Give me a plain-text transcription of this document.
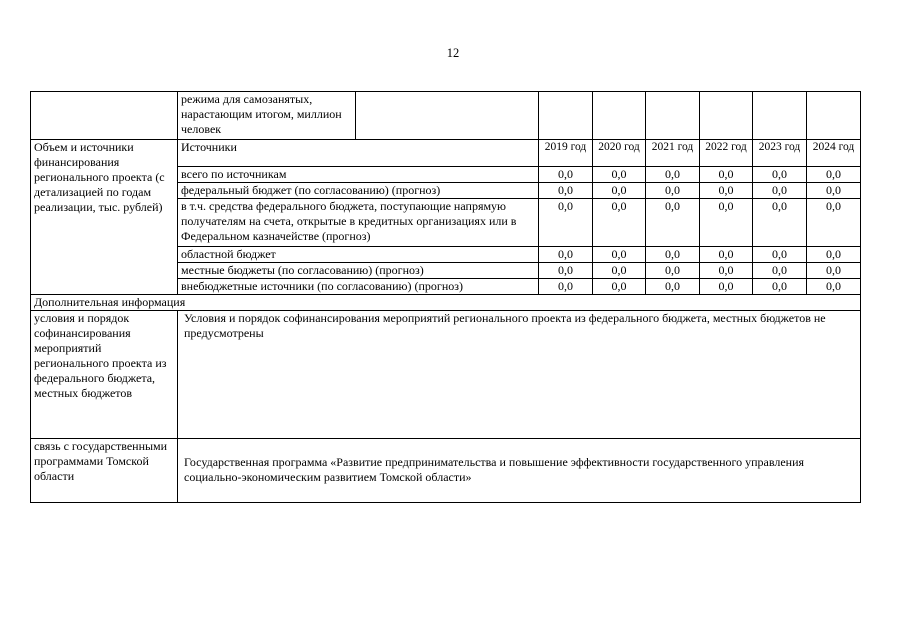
12
	режима для самозанятых, нарастающим итогом, миллион человек							
Объем и источники финансирования регионального проекта (с детализацией по годам реализации, тыс. рублей)	Источники		2019 год	2020 год	2021 год	2022 год	2023 год	2024 год
	всего по источникам		0,0	0,0	0,0	0,0	0,0	0,0
	федеральный бюджет (по согласованию) (прогноз)		0,0	0,0	0,0	0,0	0,0	0,0
	в т.ч. средства федерального бюджета, поступающие напрямую получателям на счета, открытые в кредитных организациях или в Федеральном казначействе (прогноз)		0,0	0,0	0,0	0,0	0,0	0,0
	областной бюджет		0,0	0,0	0,0	0,0	0,0	0,0
	местные бюджеты (по согласованию) (прогноз)		0,0	0,0	0,0	0,0	0,0	0,0
	внебюджетные источники (по согласованию) (прогноз)		0,0	0,0	0,0	0,0	0,0	0,0
Дополнительная информация								
условия и порядок софинансирования мероприятий регионального проекта из федерального бюджета, местных бюджетов	Условия и порядок софинансирования мероприятий регионального проекта из федерального бюджета, местных бюджетов не предусмотрены							
связь с государственными программами Томской области	Государственная программа «Развитие предпринимательства и повышение эффективности государственного управления социально-экономическим развитием Томской области»							
